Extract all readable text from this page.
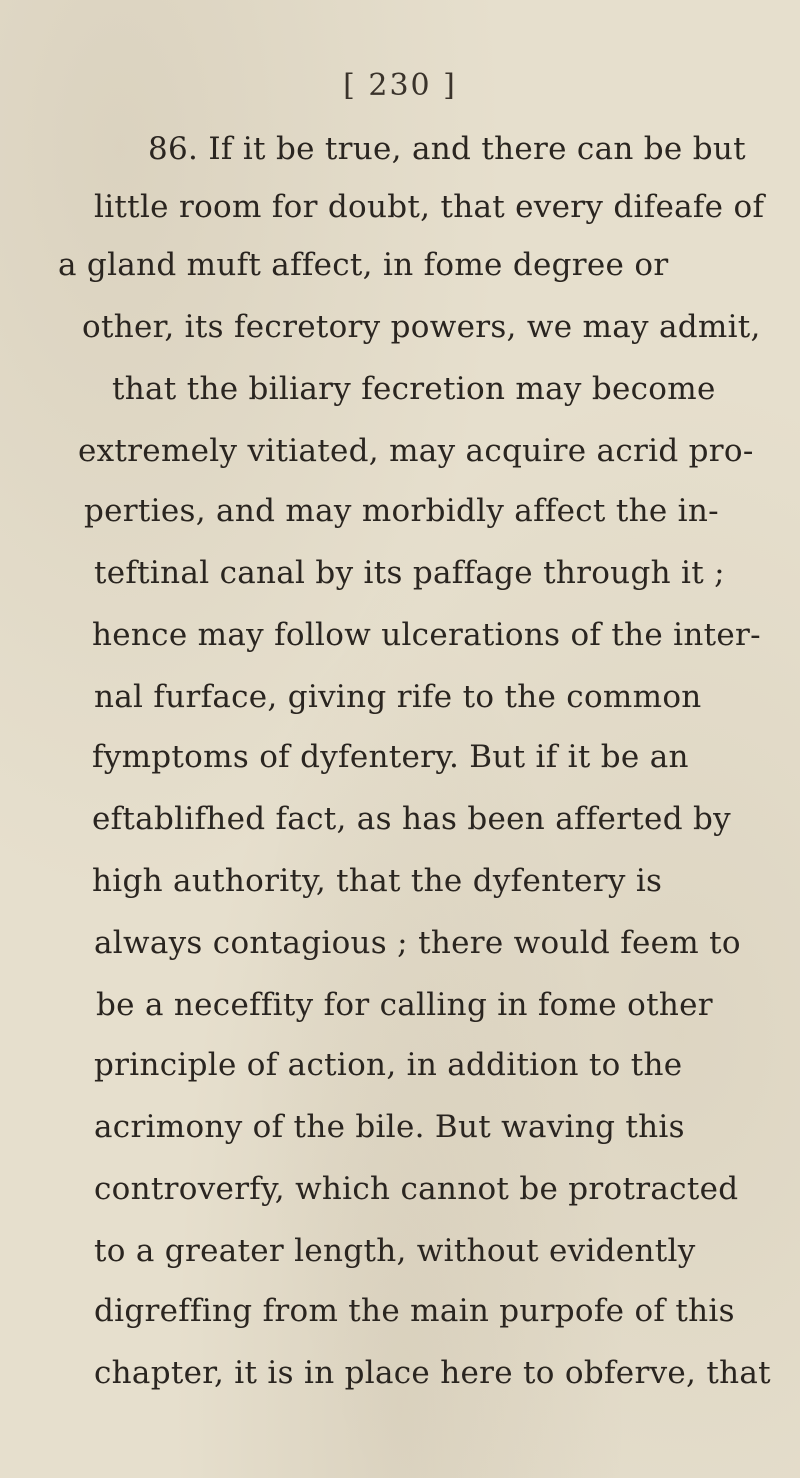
[ 230 ]
86. If it be true, and there can be but
little room for doubt, that every difeafe of
a gland muft affect, in fome degree or
other, its fecretory powers, we may admit,
that the biliary fecretion may become
extremely vitiated, may acquire acrid pro-
perties, and may morbidly affect the in-
teftinal canal by its paffage through it ;
hence may follow ulcerations of the inter-
nal furface, giving rife to the common
fymptoms of dyfentery. But if it be an
eftablifhed fact, as has been afferted by
high authority, that the dyfentery is
always contagious ; there would feem to
be a neceffity for calling in fome other
principle of action, in addition to the
acrimony of the bile. But waving this
controverfy, which cannot be protracted
to a greater length, without evidently
digreffing from the main purpofe of this
chapter, it is in place here to obferve, that
